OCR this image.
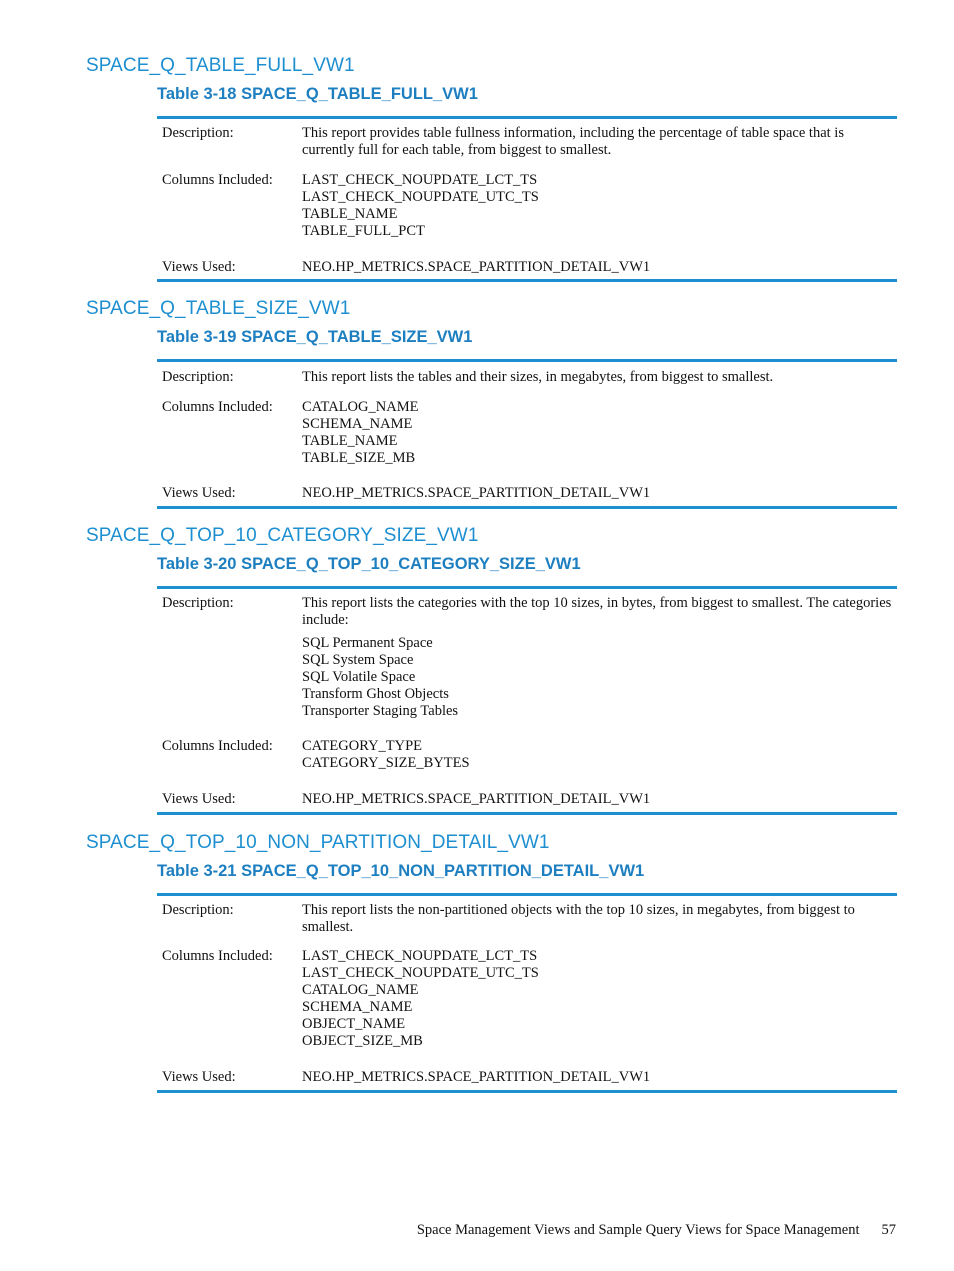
SPACE_Q_TABLE_FULL_VW1
Table 3-18 SPACE_Q_TABLE_FULL_VW1
Description:	This report provides table fullness information, including the percentage of table space that is currently full for each table, from biggest to smallest.
Columns Included: LAST_CHECK_NOUPDATE_LCT_TS
LAST_CHECK_NOUPDATE_UTC_TS
TABLE_NAME
TABLE_FULL_PCT
Views Used:	NEO.HP_METRICS.SPACE_PARTITION_DETAIL_VW1
SPACE_Q_TABLE_SIZE_VW1
Table 3-19 SPACE_Q_TABLE_SIZE_VW1
Description:	This report lists the tables and their sizes, in megabytes, from biggest to smallest.
Columns Included: CATALOG_NAME
SCHEMA_NAME
TABLE_NAME
TABLE_SIZE_MB
Views Used:	NEO.HP_METRICS.SPACE_PARTITION_DETAIL_VW1
SPACE_Q_TOP_10_CATEGORY_SIZE_VW1
Table 3-20 SPACE_Q_TOP_10_CATEGORY_SIZE_VW1
Description:	This report lists the categories with the top 10 sizes, in bytes, from biggest to smallest. The categories include:
SQL Permanent Space
SQL System Space
SQL Volatile Space
Transform Ghost Objects
Transporter Staging Tables
Columns Included: CATEGORY_TYPE
CATEGORY_SIZE_BYTES
Views Used:	NEO.HP_METRICS.SPACE_PARTITION_DETAIL_VW1
SPACE_Q_TOP_10_NON_PARTITION_DETAIL_VW1
Table 3-21 SPACE_Q_TOP_10_NON_PARTITION_DETAIL_VW1
Description:	This report lists the non-partitioned objects with the top 10 sizes, in megabytes, from biggest to smallest.
Columns Included: LAST_CHECK_NOUPDATE_LCT_TS
LAST_CHECK_NOUPDATE_UTC_TS
CATALOG_NAME
SCHEMA_NAME
OBJECT_NAME
OBJECT_SIZE_MB
Views Used:	NEO.HP_METRICS.SPACE_PARTITION_DETAIL_VW1
Space Management Views and Sample Query Views for Space Management 57
